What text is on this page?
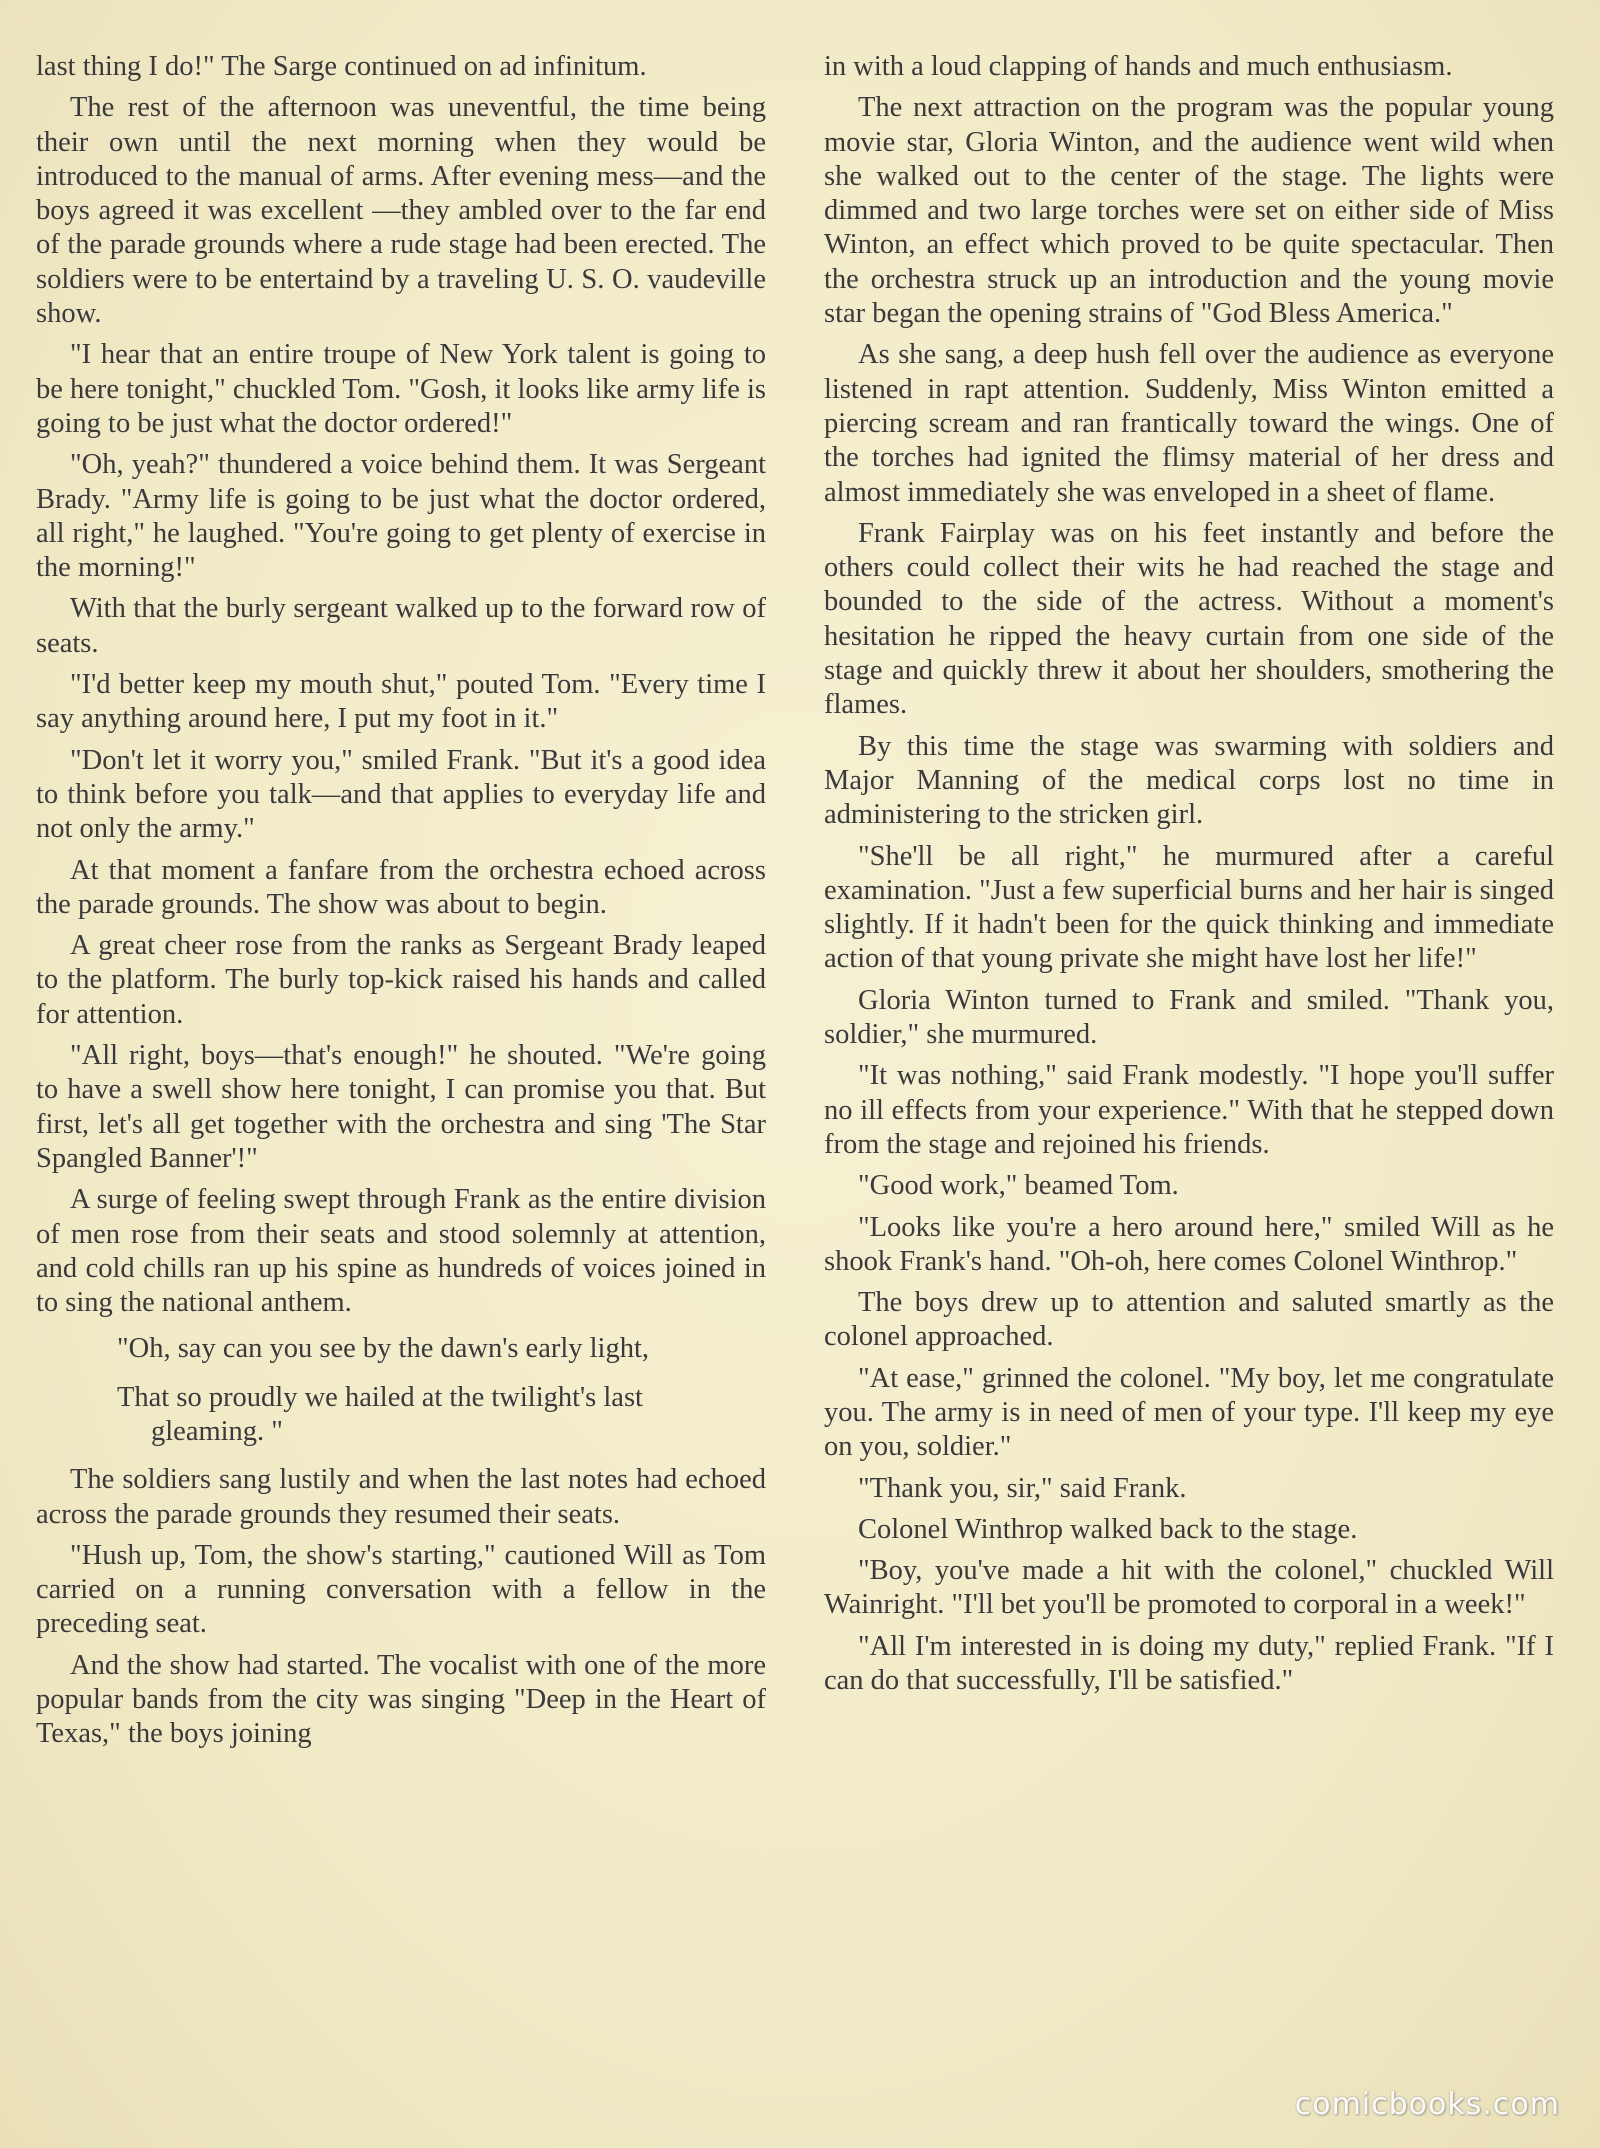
last thing I do!" The Sarge continued on ad infinitum.

The rest of the afternoon was uneventful, the time being their own until the next morning when they would be introduced to the manual of arms. After evening mess—and the boys agreed it was excellent —they ambled over to the far end of the parade grounds where a rude stage had been erected. The soldiers were to be entertaind by a traveling U. S. O. vaudeville show.

"I hear that an entire troupe of New York talent is going to be here tonight," chuckled Tom. "Gosh, it looks like army life is going to be just what the doctor ordered!"

"Oh, yeah?" thundered a voice behind them. It was Sergeant Brady. "Army life is going to be just what the doctor ordered, all right," he laughed. "You're going to get plenty of exercise in the morning!"

With that the burly sergeant walked up to the forward row of seats.

"I'd better keep my mouth shut," pouted Tom. "Every time I say anything around here, I put my foot in it."

"Don't let it worry you," smiled Frank. "But it's a good idea to think before you talk—and that applies to everyday life and not only the army."

At that moment a fanfare from the orchestra echoed across the parade grounds. The show was about to begin.

A great cheer rose from the ranks as Sergeant Brady leaped to the platform. The burly top-kick raised his hands and called for attention.

"All right, boys—that's enough!" he shouted. "We're going to have a swell show here tonight, I can promise you that. But first, let's all get together with the orchestra and sing 'The Star Spangled Banner'!"

A surge of feeling swept through Frank as the entire division of men rose from their seats and stood solemnly at attention, and cold chills ran up his spine as hundreds of voices joined in to sing the national anthem.

"Oh, say can you see by the dawn's early light,
That so proudly we hailed at the twilight's last gleaming. "

The soldiers sang lustily and when the last notes had echoed across the parade grounds they resumed their seats.

"Hush up, Tom, the show's starting," cautioned Will as Tom carried on a running conversation with a fellow in the preceding seat.

And the show had started. The vocalist with one of the more popular bands from the city was singing "Deep in the Heart of Texas," the boys joining

in with a loud clapping of hands and much enthusiasm.

The next attraction on the program was the popular young movie star, Gloria Winton, and the audience went wild when she walked out to the center of the stage. The lights were dimmed and two large torches were set on either side of Miss Winton, an effect which proved to be quite spectacular. Then the orchestra struck up an introduction and the young movie star began the opening strains of "God Bless America."

As she sang, a deep hush fell over the audience as everyone listened in rapt attention. Suddenly, Miss Winton emitted a piercing scream and ran frantically toward the wings. One of the torches had ignited the flimsy material of her dress and almost immediately she was enveloped in a sheet of flame.

Frank Fairplay was on his feet instantly and before the others could collect their wits he had reached the stage and bounded to the side of the actress. Without a moment's hesitation he ripped the heavy curtain from one side of the stage and quickly threw it about her shoulders, smothering the flames.

By this time the stage was swarming with soldiers and Major Manning of the medical corps lost no time in administering to the stricken girl.

"She'll be all right," he murmured after a careful examination. "Just a few superficial burns and her hair is singed slightly. If it hadn't been for the quick thinking and immediate action of that young private she might have lost her life!"

Gloria Winton turned to Frank and smiled. "Thank you, soldier," she murmured.

"It was nothing," said Frank modestly. "I hope you'll suffer no ill effects from your experience." With that he stepped down from the stage and rejoined his friends.

"Good work," beamed Tom.

"Looks like you're a hero around here," smiled Will as he shook Frank's hand. "Oh-oh, here comes Colonel Winthrop."

The boys drew up to attention and saluted smartly as the colonel approached.

"At ease," grinned the colonel. "My boy, let me congratulate you. The army is in need of men of your type. I'll keep my eye on you, soldier."

"Thank you, sir," said Frank.

Colonel Winthrop walked back to the stage.

"Boy, you've made a hit with the colonel," chuckled Will Wainright. "I'll bet you'll be promoted to corporal in a week!"

"All I'm interested in is doing my duty," replied Frank. "If I can do that successfully, I'll be satisfied."

comicbooks.com
